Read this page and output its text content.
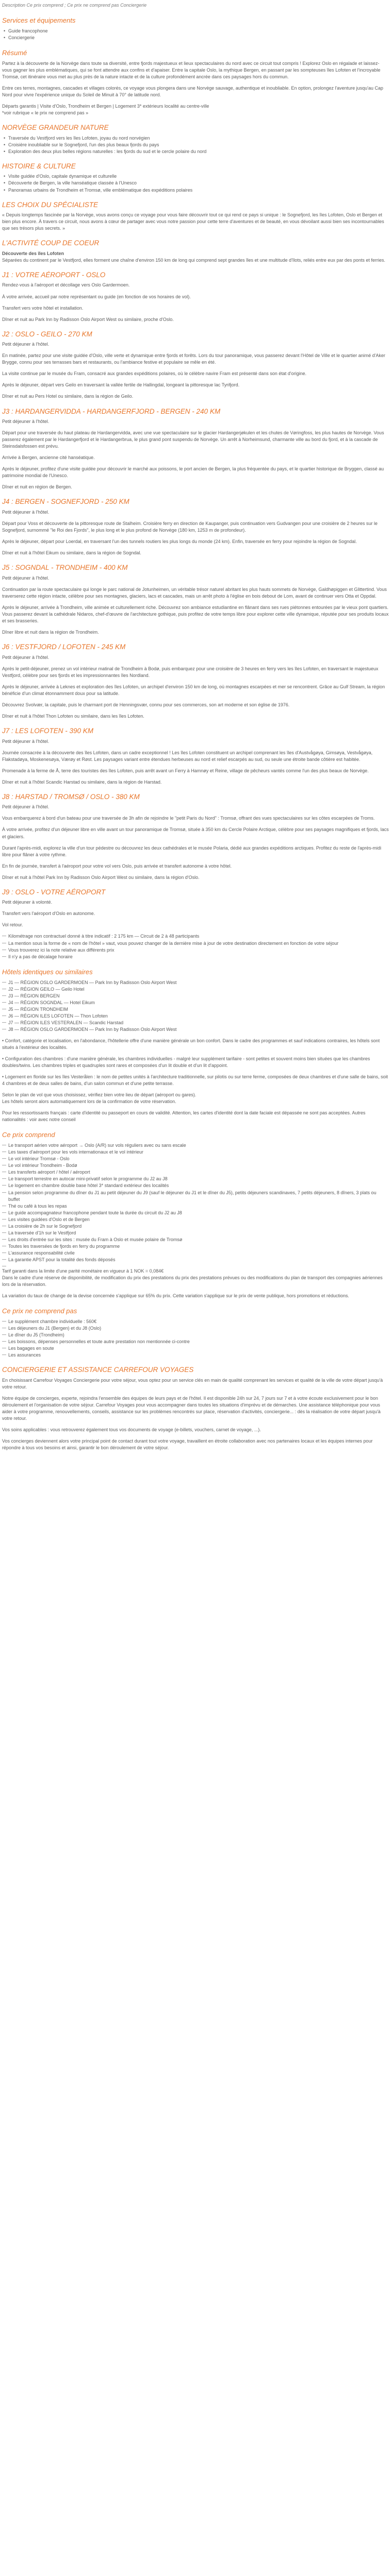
Description Ce prix comprend ; Ce prix ne comprend pas Conciergerie

Services et équipements
• Guide francophone
• Conciergerie
Résumé

Partez à la découverte de la Norvège dans toute sa diversité, entre fjords majestueux et lieux spectaculaires du nord avec ce circuit tout compris ! Explorez Oslo en régalade et laissez-vous gagner les plus emblématiques, qui se font attendre aux confins et d'apaiser. Entre la capitale Oslo, la mythique Bergen, en passant par les sompteuses îles Lofoten et l'incroyable Tromsø, cet itinéraire vous met au plus près de la nature intacte et de la culture profondément ancrée dans ces paysages hors du commun.

Entre ces terres, montagnes, cascades et villages colorés, ce voyage vous plongera dans une Norvège sauvage, authentique et inoubliable. En option, prolongez l'aventure jusqu'au Cap Nord pour vivre l'expérience unique du Soleil de Minuit à 70° de latitude nord.

Départs garantis | Visite d'Oslo, Trondheim et Bergen | Logement 3* extérieurs localité au centre-ville

*voir rubrique « le prix ne comprend pas »

NORVÈGE GRANDEUR NATURE
• Traversée du Vestfjord vers les îles Lofoten, joyau du nord norvégien
• Croisière inoubliable sur le Sognefjord, l'un des plus beaux fjords du pays
• Exploration des deux plus belles régions naturelles : les fjords du sud et le cercle polaire du nord
HISTOIRE & CULTURE
• Visite guidée d'Oslo, capitale dynamique et culturelle
• Découverte de Bergen, la ville hanséatique classée à l'Unesco
• Panoramas urbains de Trondheim et Tromsø, ville emblématique des expéditions polaires
LES CHOIX DU SPÉCIALISTE

« Depuis longtemps fascinée par la Norvège, vous avons conçu ce voyage pour vous faire découvrir tout ce qui rend ce pays si unique : le Sognefjord, les îles Lofoten, Oslo et Bergen et bien plus encore. À travers ce circuit, nous avons à cœur de partager avec vous notre passion pour cette terre d'aventures et de beauté, en vous dévoilant aussi bien ses incontournables que ses trésors plus secrets. »

L'ACTIVITÉ COUP DE COEUR

Découverte des îles Lofoten

Séparées du continent par le Vestfjord, elles forment une chaîne d'environ 150 km de long qui comprend sept grandes îles et une multitude d'îlots, reliés entre eux par des ponts et ferries.

J1 : VOTRE AÉROPORT - OSLO

Rendez-vous à l'aéroport et décollage vers Oslo Gardermoen.

À votre arrivée, accueil par notre représentant ou guide (en fonction de vos horaires de vol).

Transfert vers votre hôtel et installation.

Dîner et nuit au Park Inn by Radisson Oslo Airport West ou similaire, proche d'Oslo.

J2 : OSLO - GEILO - 270 KM

Petit déjeuner à l'hôtel.

En matinée, partez pour une visite guidée d'Oslo, ville verte et dynamique entre fjords et forêts. Lors du tour panoramique, vous passerez devant l'Hôtel de Ville et le quartier animé d'Aker Brygge, connu pour ses terrasses bars et restaurants, ou l'ambiance festive et populaire se mêle en été.

La visite continue par le musée du Fram, consacré aux grandes expéditions polaires, où le célèbre navire Fram est présenté dans son état d'origine.

Après le déjeuner, départ vers Geilo en traversant la vallée fertile de Hallingdal, longeant la pittoresque lac Tyrifjord.

Dîner et nuit au Pers Hotel ou similaire, dans la région de Geilo.

J3 : HARDANGERVIDDA - HARDANGERFJORD - BERGEN - 240 KM

Petit déjeuner à l'hôtel.

Départ pour une traversée du haut plateau de Hardangervidda, avec une vue spectaculaire sur le glacier Hardangerjøkulen et les chutes de Vøringfoss, les plus hautes de Norvège. Vous passerez également par le Hardangerfjord et le Hardangerbrua, le plus grand pont suspendu de Norvège. Un arrêt à Norheimsund, charmante ville au bord du fjord, et à la cascade de Steinsdalsfossen est prévu.

Arrivée à Bergen, ancienne cité hanséatique.

Après le déjeuner, profitez d'une visite guidée pour découvrir le marché aux poissons, le port ancien de Bergen, la plus fréquentée du pays, et le quartier historique de Bryggen, classé au patrimoine mondial de l'Unesco.

Dîner et nuit en région de Bergen.

J4 : BERGEN - SOGNEFJORD - 250 KM

Petit déjeuner à l'hôtel.

Départ pour Voss et découverte de la pittoresque route de Stalheim. Croisière ferry en direction de Kaupanger, puis continuation vers Gudvangen pour une croisière de 2 heures sur le Sognefjord, surnommé "le Roi des Fjords", le plus long et le plus profond de Norvège (180 km, 1253 m de profondeur).

Après le déjeuner, départ pour Loerdal, en traversant l'un des tunnels routiers les plus longs du monde (24 km). Enfin, traversée en ferry pour rejoindre la région de Sogndal.

Dîner et nuit à l'hôtel Eikum ou similaire, dans la région de Sogndal.

J5 : SOGNDAL - TRONDHEIM - 400 KM

Petit déjeuner à l'hôtel.

Continuation par la route spectaculaire qui longe le parc national de Jotunheimen, un véritable trésor naturel abritant les plus hauts sommets de Norvège, Galdhøpiggen et Glittertind. Vous traverserez cette région intacte, célèbre pour ses montagnes, glaciers, lacs et cascades, mais un arrêt photo à l'église en bois debout de Lom, avant de continuer vers Otta et Oppdal.

Après le déjeuner, arrivée à Trondheim, ville animée et culturellement riche. Découvrez son ambiance estudiantine en flânant dans ses rues piétonnes entourées par le vieux pont quartiers. Vous passerez devant la cathédrale Nidaros, chef-d'œuvre de l'architecture gothique, puis profitez de votre temps libre pour explorer cette ville dynamique, réputée pour ses produits locaux et ses brasseries.

Dîner libre et nuit dans la région de Trondheim.

J6 : VESTFJORD / LOFOTEN - 245 KM

Petit déjeuner à l'hôtel.

Après le petit-déjeuner, prenez un vol intérieur matinal de Trondheim à Bodø, puis embarquez pour une croisière de 3 heures en ferry vers les îles Lofoten, en traversant le majestueux Vestfjord, célèbre pour ses fjords et les impressionnantes îles Nordland.

Après le déjeuner, arrivée à Leknes et exploration des îles Lofoten, un archipel d'environ 150 km de long, où montagnes escarpées et mer se rencontrent. Grâce au Gulf Stream, la région bénéficie d'un climat étonnamment doux pour sa latitude.

Découvrez Svolvær, la capitale, puis le charmant port de Henningsvær, connu pour ses commerces, son art moderne et son église de 1976.

Dîner et nuit à l'hôtel Thon Lofoten ou similaire, dans les îles Lofoten.

J7 : LES LOFOTEN - 390 KM

Petit déjeuner à l'hôtel.

Journée consacrée à la découverte des îles Lofoten, dans un cadre exceptionnel ! Les îles Lofoten constituent un archipel comprenant les îles d'Austvågøya, Gimsøya, Vestvågøya, Flakstadøya, Moskenesøya, Værøy et Røst. Les paysages variant entre étendues herbeuses au nord et relief escarpés au sud, ou seule une étroite bande côtière est habitée.

Promenade à la ferme de Å, terre des touristes des îles Lofoten, puis arrêt avant un Ferry à Hamnøy et Reine, village de pêcheurs vantés comme l'un des plus beaux de Norvège.

Dîner et nuit à l'hôtel Scandic Harstad ou similaire, dans la région de Harstad.

J8 : HARSTAD / TROMSØ / OSLO - 380 KM

Petit déjeuner à l'hôtel.

Vous embarquerez à bord d'un bateau pour une traversée de 3h afin de rejoindre le "petit Paris du Nord" : Tromsø, offrant des vues spectaculaires sur les côtes escarpées de Troms.

À votre arrivée, profitez d'un déjeuner libre en ville avant un tour panoramique de Tromsø, située à 350 km du Cercle Polaire Arctique, célèbre pour ses paysages magnifiques et fjords, lacs et glaciers.

Durant l'après-midi, explorez la ville d'un tour pédestre ou découvrez les deux cathédrales et le musée Polaria, dédié aux grandes expéditions arctiques. Profitez du reste de l'après-midi libre pour flâner à votre rythme.

En fin de journée, transfert à l'aéroport pour votre vol vers Oslo, puis arrivée et transfert autonome à votre hôtel.

Dîner et nuit à l'hôtel Park Inn by Radisson Oslo Airport West ou similaire, dans la région d'Oslo.

J9 : OSLO - VOTRE AÉROPORT

Petit déjeuner à volonté.

Transfert vers l'aéroport d'Oslo en autonome.

Vol retour.

— Kilométrage non contractuel donné à titre indicatif : 2 175 km — Circuit de 2 à 48 participants
— La mention sous la forme de « nom de l'hôtel » vaut, vous pouvez changer de la dernière mise à jour de votre destination directement en fonction de votre séjour
— Vous trouverez ici la note relative aux différents prix
— Il n'y a pas de décalage horaire
Hôtels identiques ou similaires
— J1 — RÉGION OSLO GARDERMOEN — Park Inn by Radisson Oslo Airport West
— J2 — RÉGION GEILO — Geilo Hotel
— J3 — RÉGION BERGEN
— J4 — RÉGION SOGNDAL — Hotel Eikum
— J5 — RÉGION TRONDHEIM
— J6 — RÉGION ILES LOFOTEN — Thon Lofoten
— J7 — RÉGION ILES VESTERALEN — Scandic Harstad
— J8 — RÉGION OSLO GARDERMOEN — Park Inn by Radisson Oslo Airport West

• Confort, catégorie et localisation, en l'abondance, l'hôtellerie offre d'une manière générale un bon confort. Dans le cadre des programmes et sauf indications contraires, les hôtels sont situés à l'extérieur des localités.

• Configuration des chambres : d'une manière générale, les chambres individuelles - malgré leur supplément tarifaire - sont petites et souvent moins bien situées que les chambres doubles/twins. Les chambres triples et quadruples sont rares et composées d'un lit double et d'un lit d'appoint.

• Logement en floride sur les îles Vesterålen : le nom de petites unités à l'architecture traditionnelle, sur pilotis ou sur terre ferme, composées de deux chambres et d'une salle de bains, soit 4 chambres et de deux salles de bains, d'un salon commun et d'une petite terrasse.

Selon le plan de vol que vous choisissez, vérifiez bien votre lieu de départ (aéroport ou gares).

Les hôtels seront alors automatiquement lors de la confirmation de votre réservation.

Pour les ressortissants français : carte d'identité ou passeport en cours de validité. Attention, les cartes d'identité dont la date faciale est dépassée ne sont pas acceptées. Autres nationalités : voir avec notre conseil

Ce prix comprend
— Le transport aérien votre aéroport → Oslo (A/R) sur vols réguliers avec ou sans escale
— Les taxes d'aéroport pour les vols internationaux et le vol intérieur
— Le vol intérieur Tromsø - Oslo
— Le vol intérieur Trondheim - Bodø
— Les transferts aéroport / hôtel / aéroport
— Le transport terrestre en autocar mini-privatif selon le programme du J2 au J8
— Le logement en chambre double base hôtel 3* standard extérieur des localités
— La pension selon programme du dîner du J1 au petit déjeuner du J9 (sauf le déjeuner du J1 et le dîner du J5), petits déjeuners scandinaves, 7 petits déjeuners, 8 dîners, 3 plats ou buffet
— Thé ou café à tous les repas
— Le guide accompagnateur francophone pendant toute la durée du circuit du J2 au J8
— Les visites guidées d'Oslo et de Bergen
— La croisière de 2h sur le Sognefjord
— La traversée d'1h sur le Vestfjord
— Les droits d'entrée sur les sites : musée du Fram à Oslo et musée polaire de Tromsø
— Toutes les traversées de fjords en ferry du programme
— L'assurance responsabilité civile
— La garantie APST pour la totalité des fonds déposés

Tarif garanti dans la limite d'une parité monétaire en vigueur à 1 NOK = 0,084€

Dans le cadre d'une réserve de disponibilité, de modification du prix des prestations du prix des prestations prévues ou des modifications du plan de transport des compagnies aériennes lors de la réservation.

La variation du taux de change de la devise concernée s'applique sur 65% du prix. Cette variation s'applique sur le prix de vente publique, hors promotions et réductions.

Ce prix ne comprend pas
— Le supplément chambre individuelle : 560€
— Les déjeuners du J1 (Bergen) et du J8 (Oslo)
— Le dîner du J5 (Trondheim)
— Les boissons, dépenses personnelles et toute autre prestation non mentionnée ci-contre
— Les bagages en soute
— Les assurances
CONCIERGERIE ET ASSISTANCE CARREFOUR VOYAGES

En choisissant Carrefour Voyages Conciergerie pour votre séjour, vous optez pour un service clés en main de qualité comprenant les services et qualité de la ville de votre départ jusqu'à votre retour.

Notre équipe de concierges, experte, rejoindra l'ensemble des équipes de leurs pays et de l'hôtel. Il est disponible 24h sur 24, 7 jours sur 7 et à votre écoute exclusivement pour le bon déroulement et l'organisation de votre séjour. Carrefour Voyages pour vous accompagner dans toutes les situations d'imprévu et de démarches. Une assistance téléphonique pour vous aider à votre programme, renouvellements, conseils, assistance sur les problèmes rencontrés sur place, réservation d'activités, conciergerie... : dès la réalisation de votre départ jusqu'à votre retour.

Vos soins applicables : vous retrouverez également tous vos documents de voyage (e-billets, vouchers, carnet de voyage, ...).

Vos concierges deviennent alors votre principal point de contact durant tout votre voyage, travaillent en étroite collaboration avec nos partenaires locaux et les équipes internes pour répondre à tous vos besoins et ainsi, garantir le bon déroulement de votre séjour.
